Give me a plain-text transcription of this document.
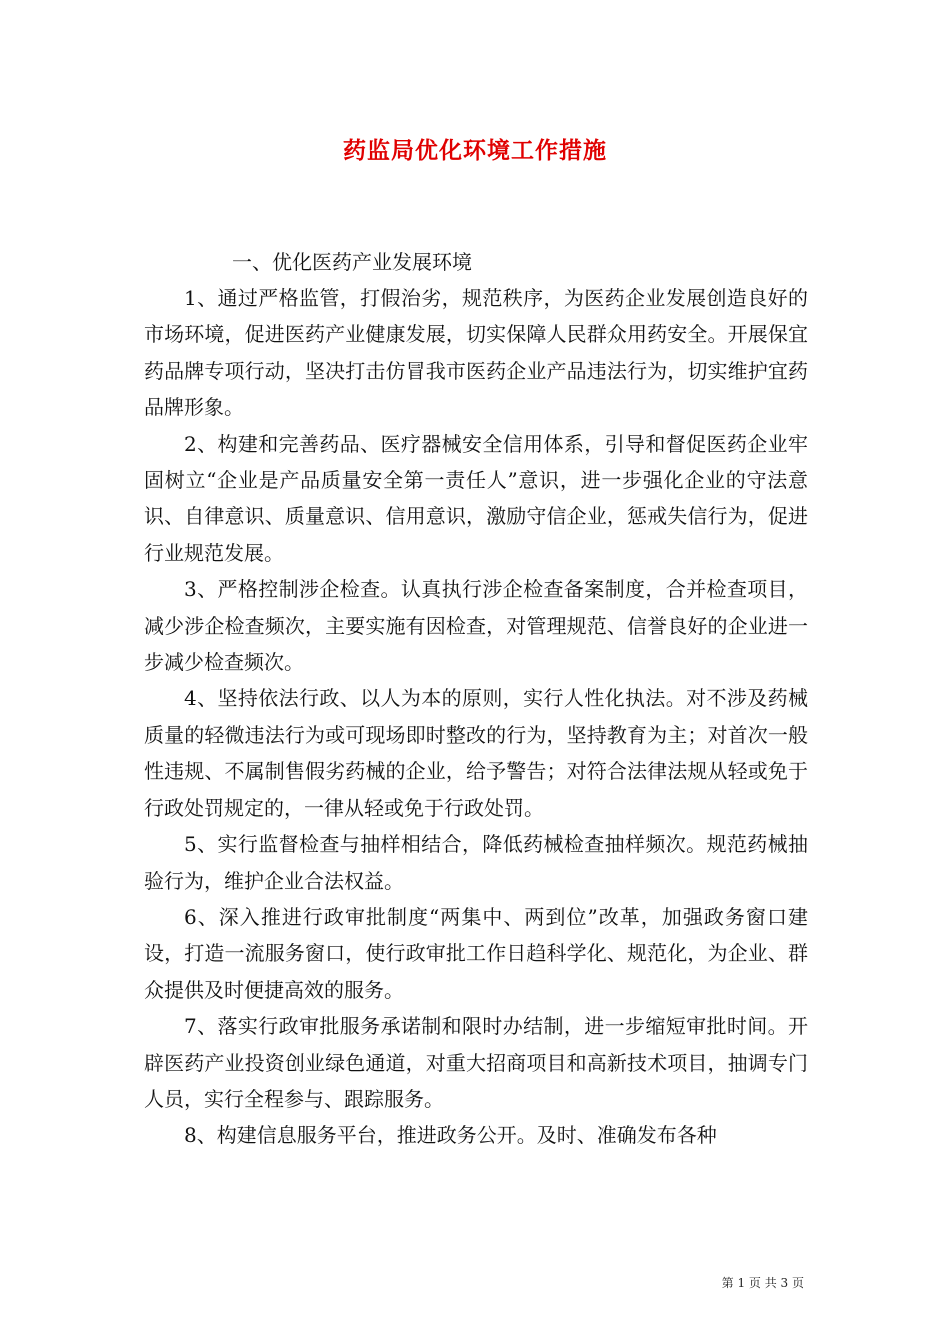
药监局优化环境工作措施

一、优化医药产业发展环境

1、通过严格监管，打假治劣，规范秩序，为医药企业发展创造良好的市场环境，促进医药产业健康发展，切实保障人民群众用药安全。开展保宜药品牌专项行动，坚决打击仿冒我市医药企业产品违法行为，切实维护宜药品牌形象。

2、构建和完善药品、医疗器械安全信用体系，引导和督促医药企业牢固树立“企业是产品质量安全第一责任人”意识，进一步强化企业的守法意识、自律意识、质量意识、信用意识，激励守信企业，惩戒失信行为，促进行业规范发展。

3、严格控制涉企检查。认真执行涉企检查备案制度，合并检查项目，减少涉企检查频次，主要实施有因检查，对管理规范、信誉良好的企业进一步减少检查频次。

4、坚持依法行政、以人为本的原则，实行人性化执法。对不涉及药械质量的轻微违法行为或可现场即时整改的行为，坚持教育为主；对首次一般性违规、不属制售假劣药械的企业，给予警告；对符合法律法规从轻或免于行政处罚规定的，一律从轻或免于行政处罚。

5、实行监督检查与抽样相结合，降低药械检查抽样频次。规范药械抽验行为，维护企业合法权益。

6、深入推进行政审批制度“两集中、两到位”改革，加强政务窗口建设，打造一流服务窗口，使行政审批工作日趋科学化、规范化，为企业、群众提供及时便捷高效的服务。

7、落实行政审批服务承诺制和限时办结制，进一步缩短审批时间。开辟医药产业投资创业绿色通道，对重大招商项目和高新技术项目，抽调专门人员，实行全程参与、跟踪服务。

8、构建信息服务平台，推进政务公开。及时、准确发布各种

第 1 页 共 3 页
